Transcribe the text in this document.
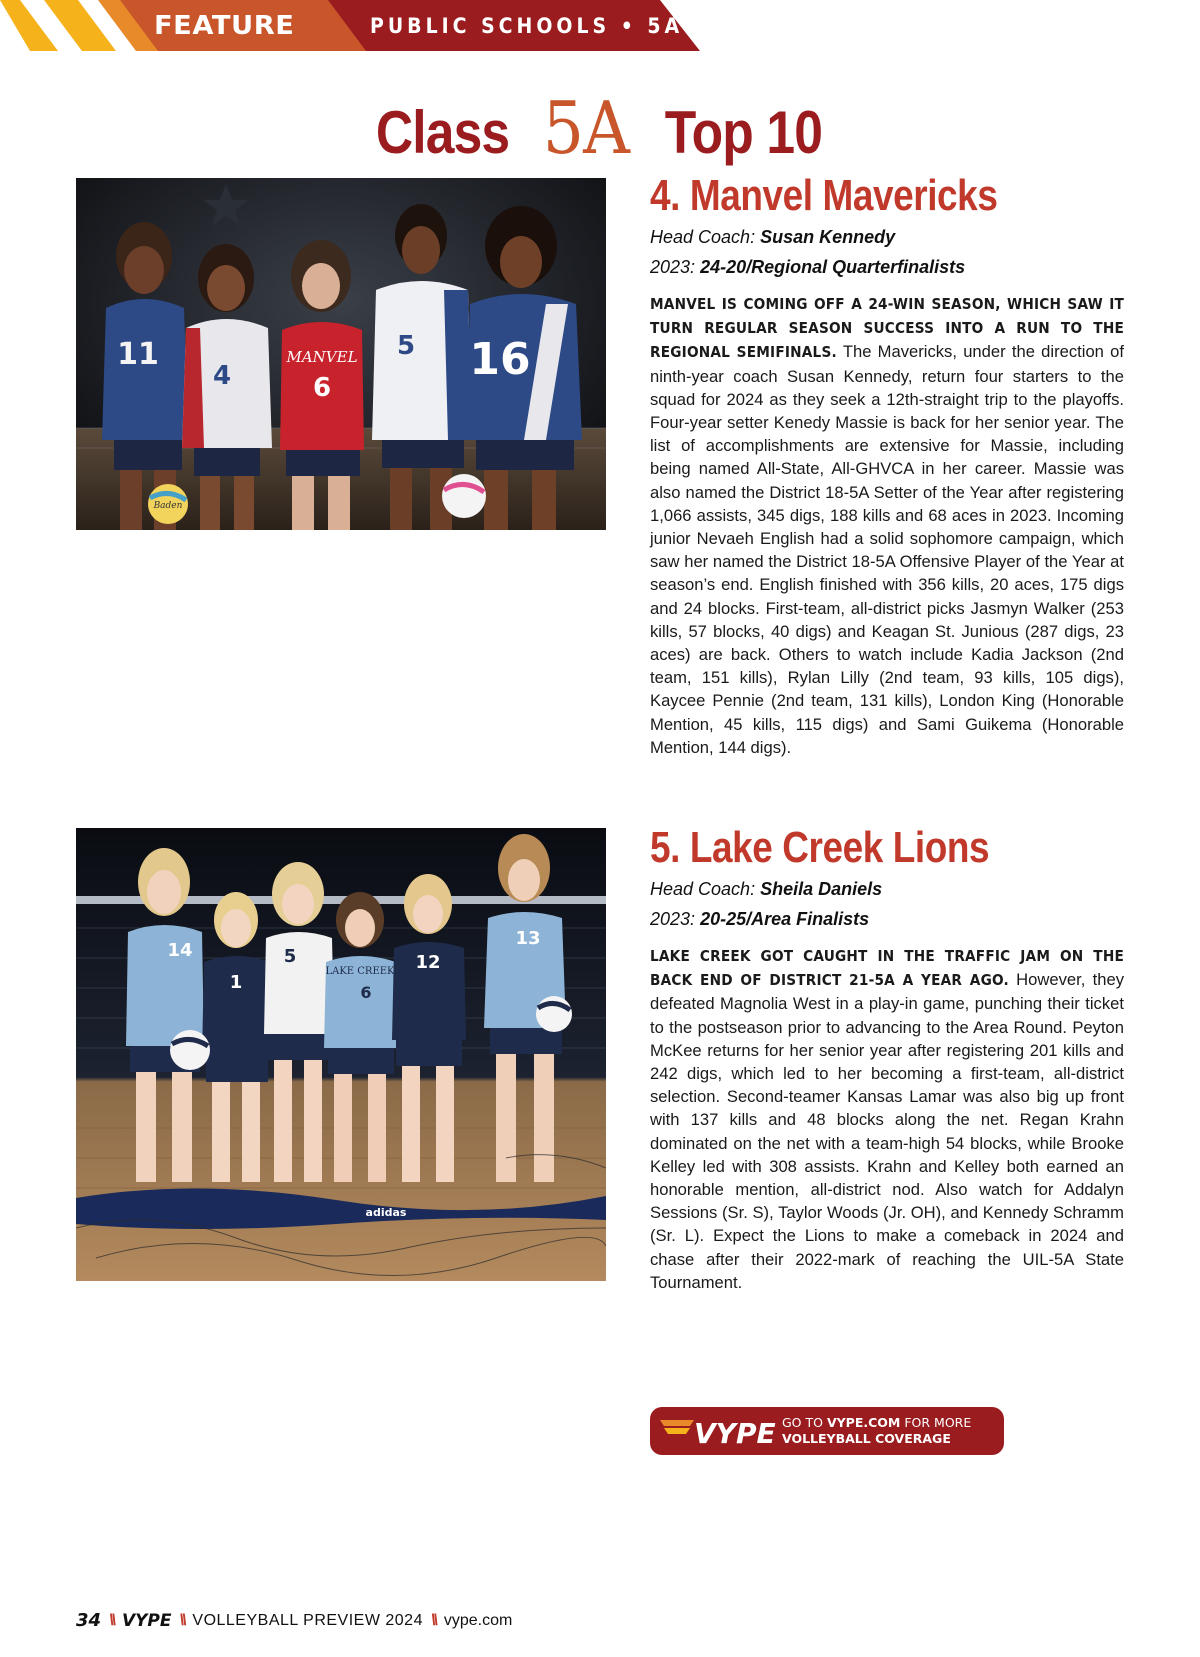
FEATURE	PUBLIC SCHOOLS • 5A
Class 5A Top 10
11
4
MANVEL
6
5 16
Baden
4. Manvel Mavericks
Head Coach: Susan Kennedy
2023: 24-20/Regional Quarterfinalists

MANVEL IS COMING OFF A 24-WIN SEASON, WHICH SAW IT TURN REGULAR SEASON SUCCESS INTO A RUN TO THE REGIONAL SEMIFINALS. The Mavericks, under the direction of ninth-year coach Susan Kennedy, return four starters to the squad for 2024 as they seek a 12th-straight trip to the playoffs. Four-year setter Kenedy Massie is back for her senior year. The list of accomplishments are extensive for Massie, including being named All-State, All-GHVCA in her career. Massie was also named the District 18-5A Setter of the Year after registering 1,066 assists, 345 digs, 188 kills and 68 aces in 2023. Incoming junior Nevaeh English had a solid sophomore campaign, which saw her named the District 18-5A Offensive Player of the Year at season’s end. English finished with 356 kills, 20 aces, 175 digs and 24 blocks. First-team, all-district picks Jasmyn Walker (253 kills, 57 blocks, 40 digs) and Keagan St. Junious (287 digs, 23 aces) are back. Others to watch include Kadia Jackson (2nd team, 151 kills), Rylan Lilly (2nd team, 93 kills, 105 digs), Kaycee Pennie (2nd team, 131 kills), London King (Honorable Mention, 45 kills, 115 digs) and Sami Guikema (Honorable Mention, 144 digs).

14
1
5
LAKE CREEK
6
12
13
adidas
5. Lake Creek Lions
Head Coach: Sheila Daniels
2023: 20-25/Area Finalists

LAKE CREEK GOT CAUGHT IN THE TRAFFIC JAM ON THE BACK END OF DISTRICT 21-5A A YEAR AGO. However, they defeated Magnolia West in a play-in game, punching their ticket to the postseason prior to advancing to the Area Round. Peyton McKee returns for her senior year after registering 201 kills and 242 digs, which led to her becoming a first-team, all-district selection. Second-teamer Kansas Lamar was also big up front with 137 kills and 48 blocks along the net. Regan Krahn dominated on the net with a team-high 54 blocks, while Brooke Kelley led with 308 assists. Krahn and Kelley both earned an honorable mention, all-district nod. Also watch for Addalyn Sessions (Sr. S), Taylor Woods (Jr. OH), and Kennedy Schramm (Sr. L). Expect the Lions to make a comeback in 2024 and chase after their 2022-mark of reaching the UIL-5A State Tournament.

VYPE GO TO VYPE.COM FOR MORE
VOLLEYBALL COVERAGE
34 \\ VYPE \\ VOLLEYBALL PREVIEW 2024 \\ vype.com
